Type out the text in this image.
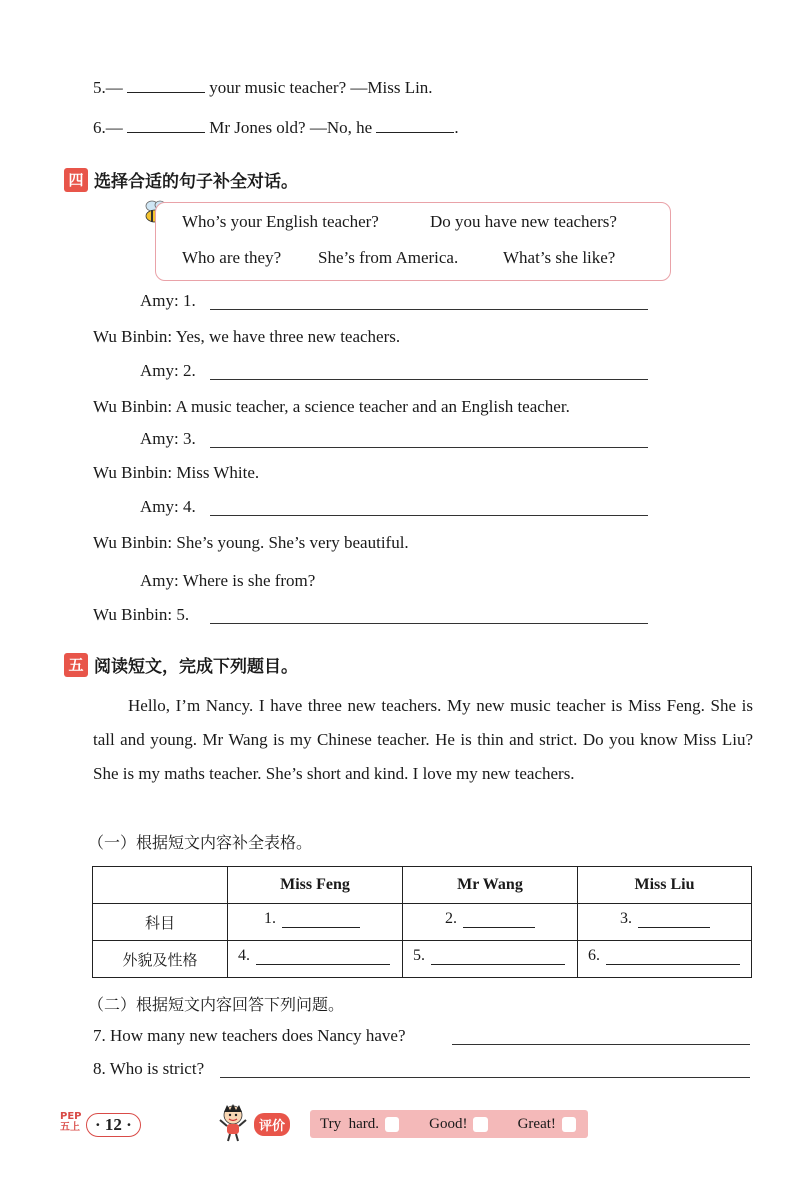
5.—	your music teacher? —Miss Lin.
6.—	Mr Jones old? —No, he	.
四 选择合适的句子补全对话。
Who’s your English teacher?	Do you have new teachers?
Who are they? She’s from America.	What’s she like?
Amy: 1.
Wu Binbin: Yes, we have three new teachers.
Amy: 2.
Wu Binbin: A music teacher, a science teacher and an English teacher.
Amy: 3.
Wu Binbin: Miss White.
Amy: 4.
Wu Binbin: She’s young. She’s very beautiful.
Amy: Where is she from?
Wu Binbin: 5.
五 阅读短文，完成下列题目。

Hello, I’m Nancy. I have three new teachers. My new music teacher is Miss Feng. She is tall and young. Mr Wang is my Chinese teacher. He is thin and strict. Do you know Miss Liu? She is my maths teacher. She’s short and kind. I love my new teachers.

（一）根据短文内容补全表格。
	Miss Feng	Mr Wang	Miss Liu
科目	1.	2.	3.

外貌及性格	4.	5.	6.
（二）根据短文内容回答下列问题。
7. How many new teachers does Nancy have?
8. Who is strict?
PEP
五上 · 12 ·	评价	Try  hard.	Good!	Great!
